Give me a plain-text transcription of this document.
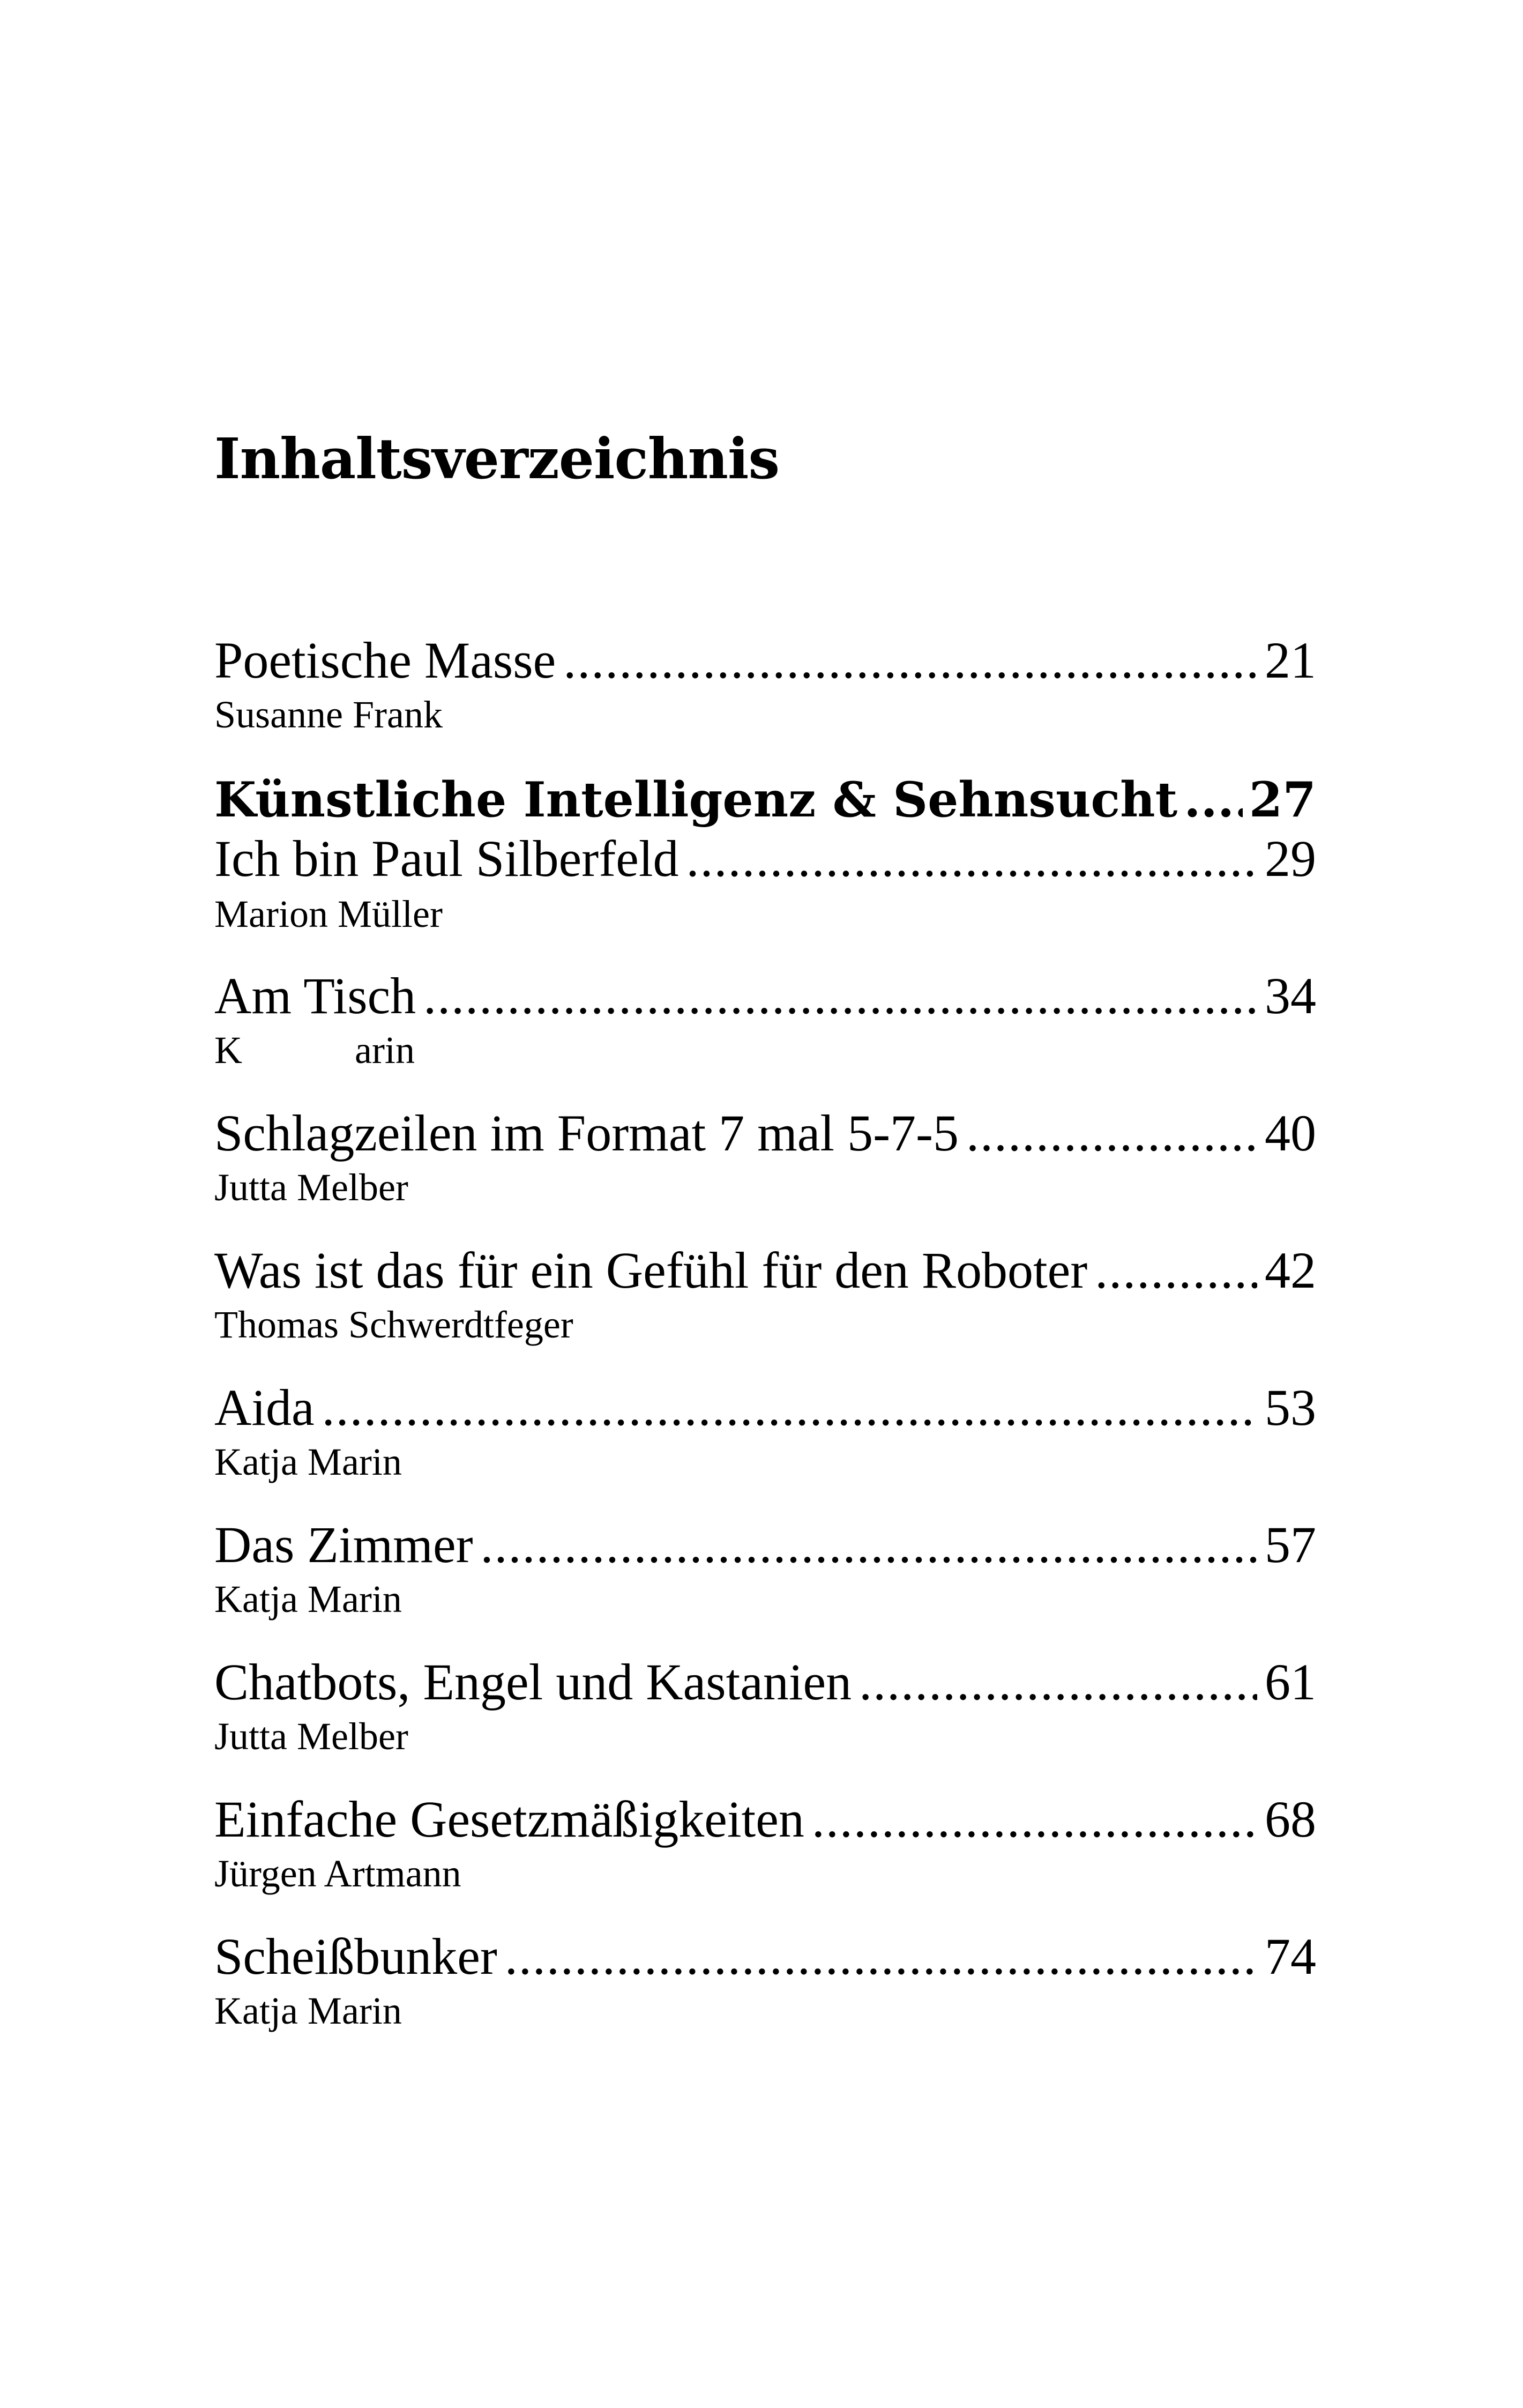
Inhaltsverzeichnis
Poetische Masse .....	21
Susanne Frank
Künstliche Intelligenz & Sehnsucht ..... 27
Ich bin Paul Silberfeld .....	29
Marion Müller
Am Tisch .....	34
K	arin
Schlagzeilen im Format 7 mal 5-7-5 .....	40
Jutta Melber
Was ist das für ein Gefühl für den Roboter .....	42
Thomas Schwerdtfeger
Aida .....	53
Katja Marin
Das Zimmer .....	57
Katja Marin
Chatbots, Engel und Kastanien .....	61
Jutta Melber
Einfache Gesetzmäßigkeiten .....	68
Jürgen Artmann
Scheißbunker .....	74
Katja Marin
